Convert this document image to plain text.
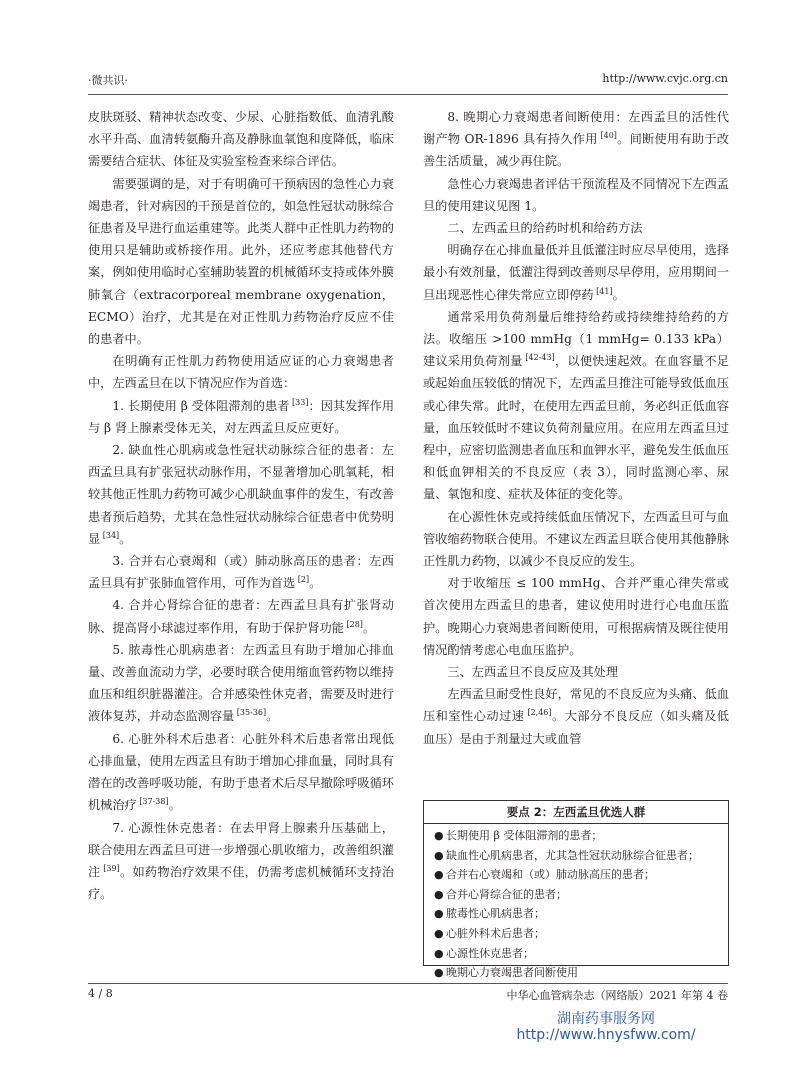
·微共识·	http://www.cvjc.org.cn

皮肤斑驳、精神状态改变、少尿、心脏指数低、血清乳酸水平升高、血清转氨酶升高及静脉血氧饱和度降低，临床需要结合症状、体征及实验室检查来综合评估。

需要强调的是，对于有明确可干预病因的急性心力衰竭患者，针对病因的干预是首位的，如急性冠状动脉综合征患者及早进行血运重建等。此类人群中正性肌力药物的使用只是辅助或桥接作用。此外，还应考虑其他替代方案，例如使用临时心室辅助装置的机械循环支持或体外膜肺氧合（extracorporeal membrane oxygenation，ECMO）治疗，尤其是在对正性肌力药物治疗反应不佳的患者中。

在明确有正性肌力药物使用适应证的心力衰竭患者中，左西孟旦在以下情况应作为首选：

1. 长期使用 β 受体阻滞剂的患者 [33]：因其发挥作用与 β 肾上腺素受体无关，对左西孟旦反应更好。

2. 缺血性心肌病或急性冠状动脉综合征的患者：左西孟旦具有扩张冠状动脉作用，不显著增加心肌氧耗，相较其他正性肌力药物可减少心肌缺血事件的发生，有改善患者预后趋势，尤其在急性冠状动脉综合征患者中优势明显 [34]。

3. 合并右心衰竭和（或）肺动脉高压的患者：左西孟旦具有扩张肺血管作用，可作为首选 [2]。

4. 合并心肾综合征的患者：左西孟旦具有扩张肾动脉、提高肾小球滤过率作用，有助于保护肾功能 [28]。

5. 脓毒性心肌病患者：左西孟旦有助于增加心排血量、改善血流动力学，必要时联合使用缩血管药物以维持血压和组织脏器灌注。合并感染性休克者，需要及时进行液体复苏，并动态监测容量 [35-36]。

6. 心脏外科术后患者：心脏外科术后患者常出现低心排血量，使用左西孟旦有助于增加心排血量，同时具有潜在的改善呼吸功能，有助于患者术后尽早撤除呼吸循环机械治疗 [37-38]。

7. 心源性休克患者：在去甲肾上腺素升压基础上，联合使用左西孟旦可进一步增强心肌收缩力，改善组织灌注 [39]。如药物治疗效果不佳，仍需考虑机械循环支持治疗。

8. 晚期心力衰竭患者间断使用：左西孟旦的活性代谢产物 OR-1896 具有持久作用 [40]。间断使用有助于改善生活质量，减少再住院。

急性心力衰竭患者评估干预流程及不同情况下左西孟旦的使用建议见图 1。

二、左西孟旦的给药时机和给药方法

明确存在心排血量低并且低灌注时应尽早使用，选择最小有效剂量，低灌注得到改善则尽早停用，应用期间一旦出现恶性心律失常应立即停药 [41]。

通常采用负荷剂量后维持给药或持续维持给药的方法。收缩压 >100 mmHg（1 mmHg= 0.133 kPa）建议采用负荷剂量 [42-43]，以便快速起效。在血容量不足或起始血压较低的情况下，左西孟旦推注可能导致低血压或心律失常。此时，在使用左西孟旦前，务必纠正低血容量，血压较低时不建议负荷剂量应用。在应用左西孟旦过程中，应密切监测患者血压和血钾水平，避免发生低血压和低血钾相关的不良反应（表 3），同时监测心率、尿量、氧饱和度、症状及体征的变化等。

在心源性休克或持续低血压情况下，左西孟旦可与血管收缩药物联合使用。不建议左西孟旦联合使用其他静脉正性肌力药物，以减少不良反应的发生。

对于收缩压 ≤ 100 mmHg、合并严重心律失常或首次使用左西孟旦的患者，建议使用时进行心电血压监护。晚期心力衰竭患者间断使用，可根据病情及既往使用情况酌情考虑心电血压监护。

三、左西孟旦不良反应及其处理

左西孟旦耐受性良好，常见的不良反应为头痛、低血压和室性心动过速 [2,46]。大部分不良反应（如头痛及低血压）是由于剂量过大或血管

要点 2：左西孟旦优选人群
● 长期使用 β 受体阻滞剂的患者；
● 缺血性心肌病患者，尤其急性冠状动脉综合征患者；
● 合并右心衰竭和（或）肺动脉高压的患者；
● 合并心肾综合征的患者；
● 脓毒性心肌病患者；
● 心脏外科术后患者；
● 心源性休克患者；
● 晚期心力衰竭患者间断使用
4 / 8	中华心血管病杂志（网络版）2021 年第 4 卷
湖南药事服务网
http://www.hnysfww.com/
